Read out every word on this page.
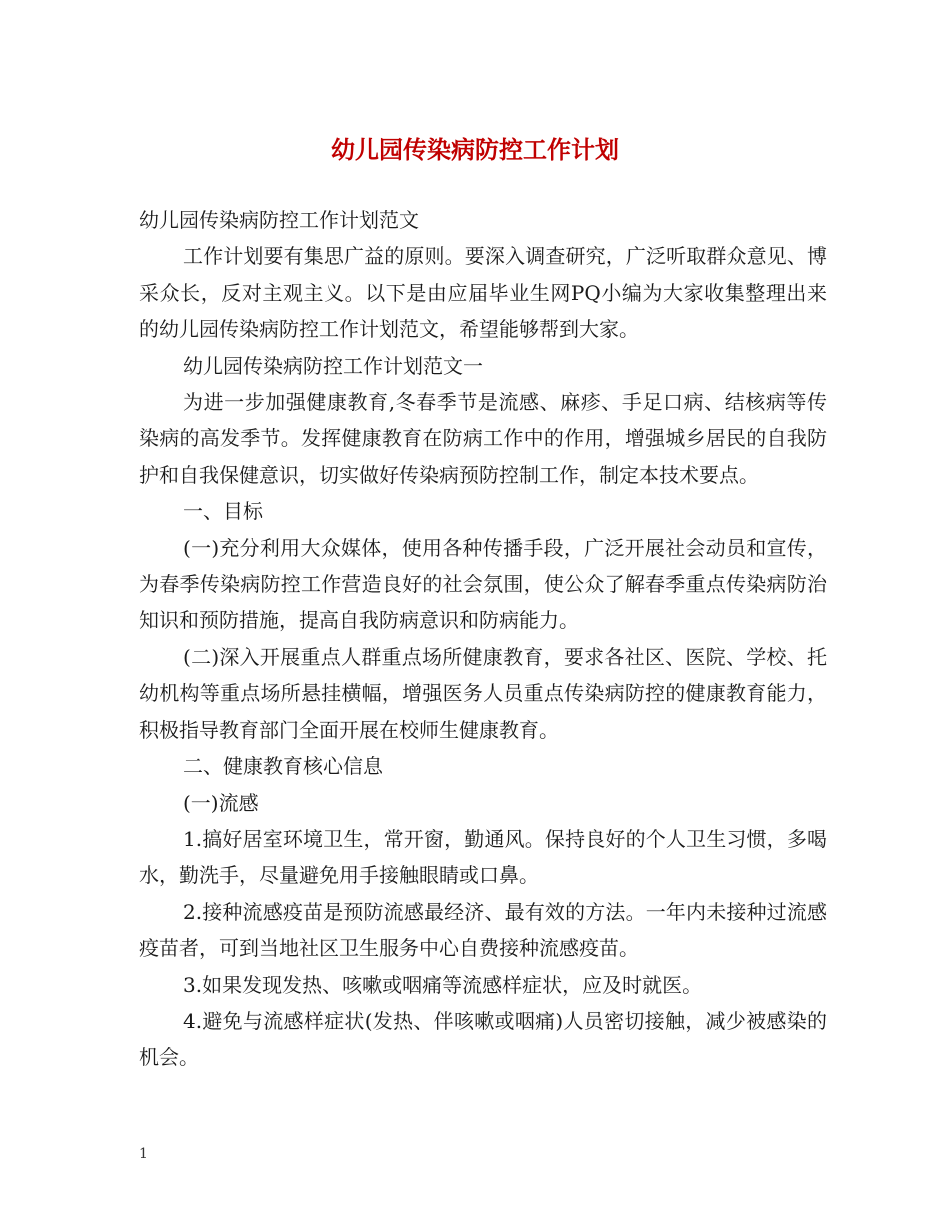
幼儿园传染病防控工作计划

幼儿园传染病防控工作计划范文

工作计划要有集思广益的原则。要深入调查研究，广泛听取群众意见、博采众长，反对主观主义。以下是由应届毕业生网PQ小编为大家收集整理出来的幼儿园传染病防控工作计划范文，希望能够帮到大家。

幼儿园传染病防控工作计划范文一

为进一步加强健康教育,冬春季节是流感、麻疹、手足口病、结核病等传染病的高发季节。发挥健康教育在防病工作中的作用，增强城乡居民的自我防护和自我保健意识，切实做好传染病预防控制工作，制定本技术要点。

一、目标

(一)充分利用大众媒体，使用各种传播手段，广泛开展社会动员和宣传，为春季传染病防控工作营造良好的社会氛围，使公众了解春季重点传染病防治知识和预防措施，提高自我防病意识和防病能力。

(二)深入开展重点人群重点场所健康教育，要求各社区、医院、学校、托幼机构等重点场所悬挂横幅，增强医务人员重点传染病防控的健康教育能力，积极指导教育部门全面开展在校师生健康教育。

二、健康教育核心信息

(一)流感

1.搞好居室环境卫生，常开窗，勤通风。保持良好的个人卫生习惯，多喝水，勤洗手，尽量避免用手接触眼睛或口鼻。

2.接种流感疫苗是预防流感最经济、最有效的方法。一年内未接种过流感疫苗者，可到当地社区卫生服务中心自费接种流感疫苗。

3.如果发现发热、咳嗽或咽痛等流感样症状，应及时就医。

4.避免与流感样症状(发热、伴咳嗽或咽痛)人员密切接触，减少被感染的机会。

1
